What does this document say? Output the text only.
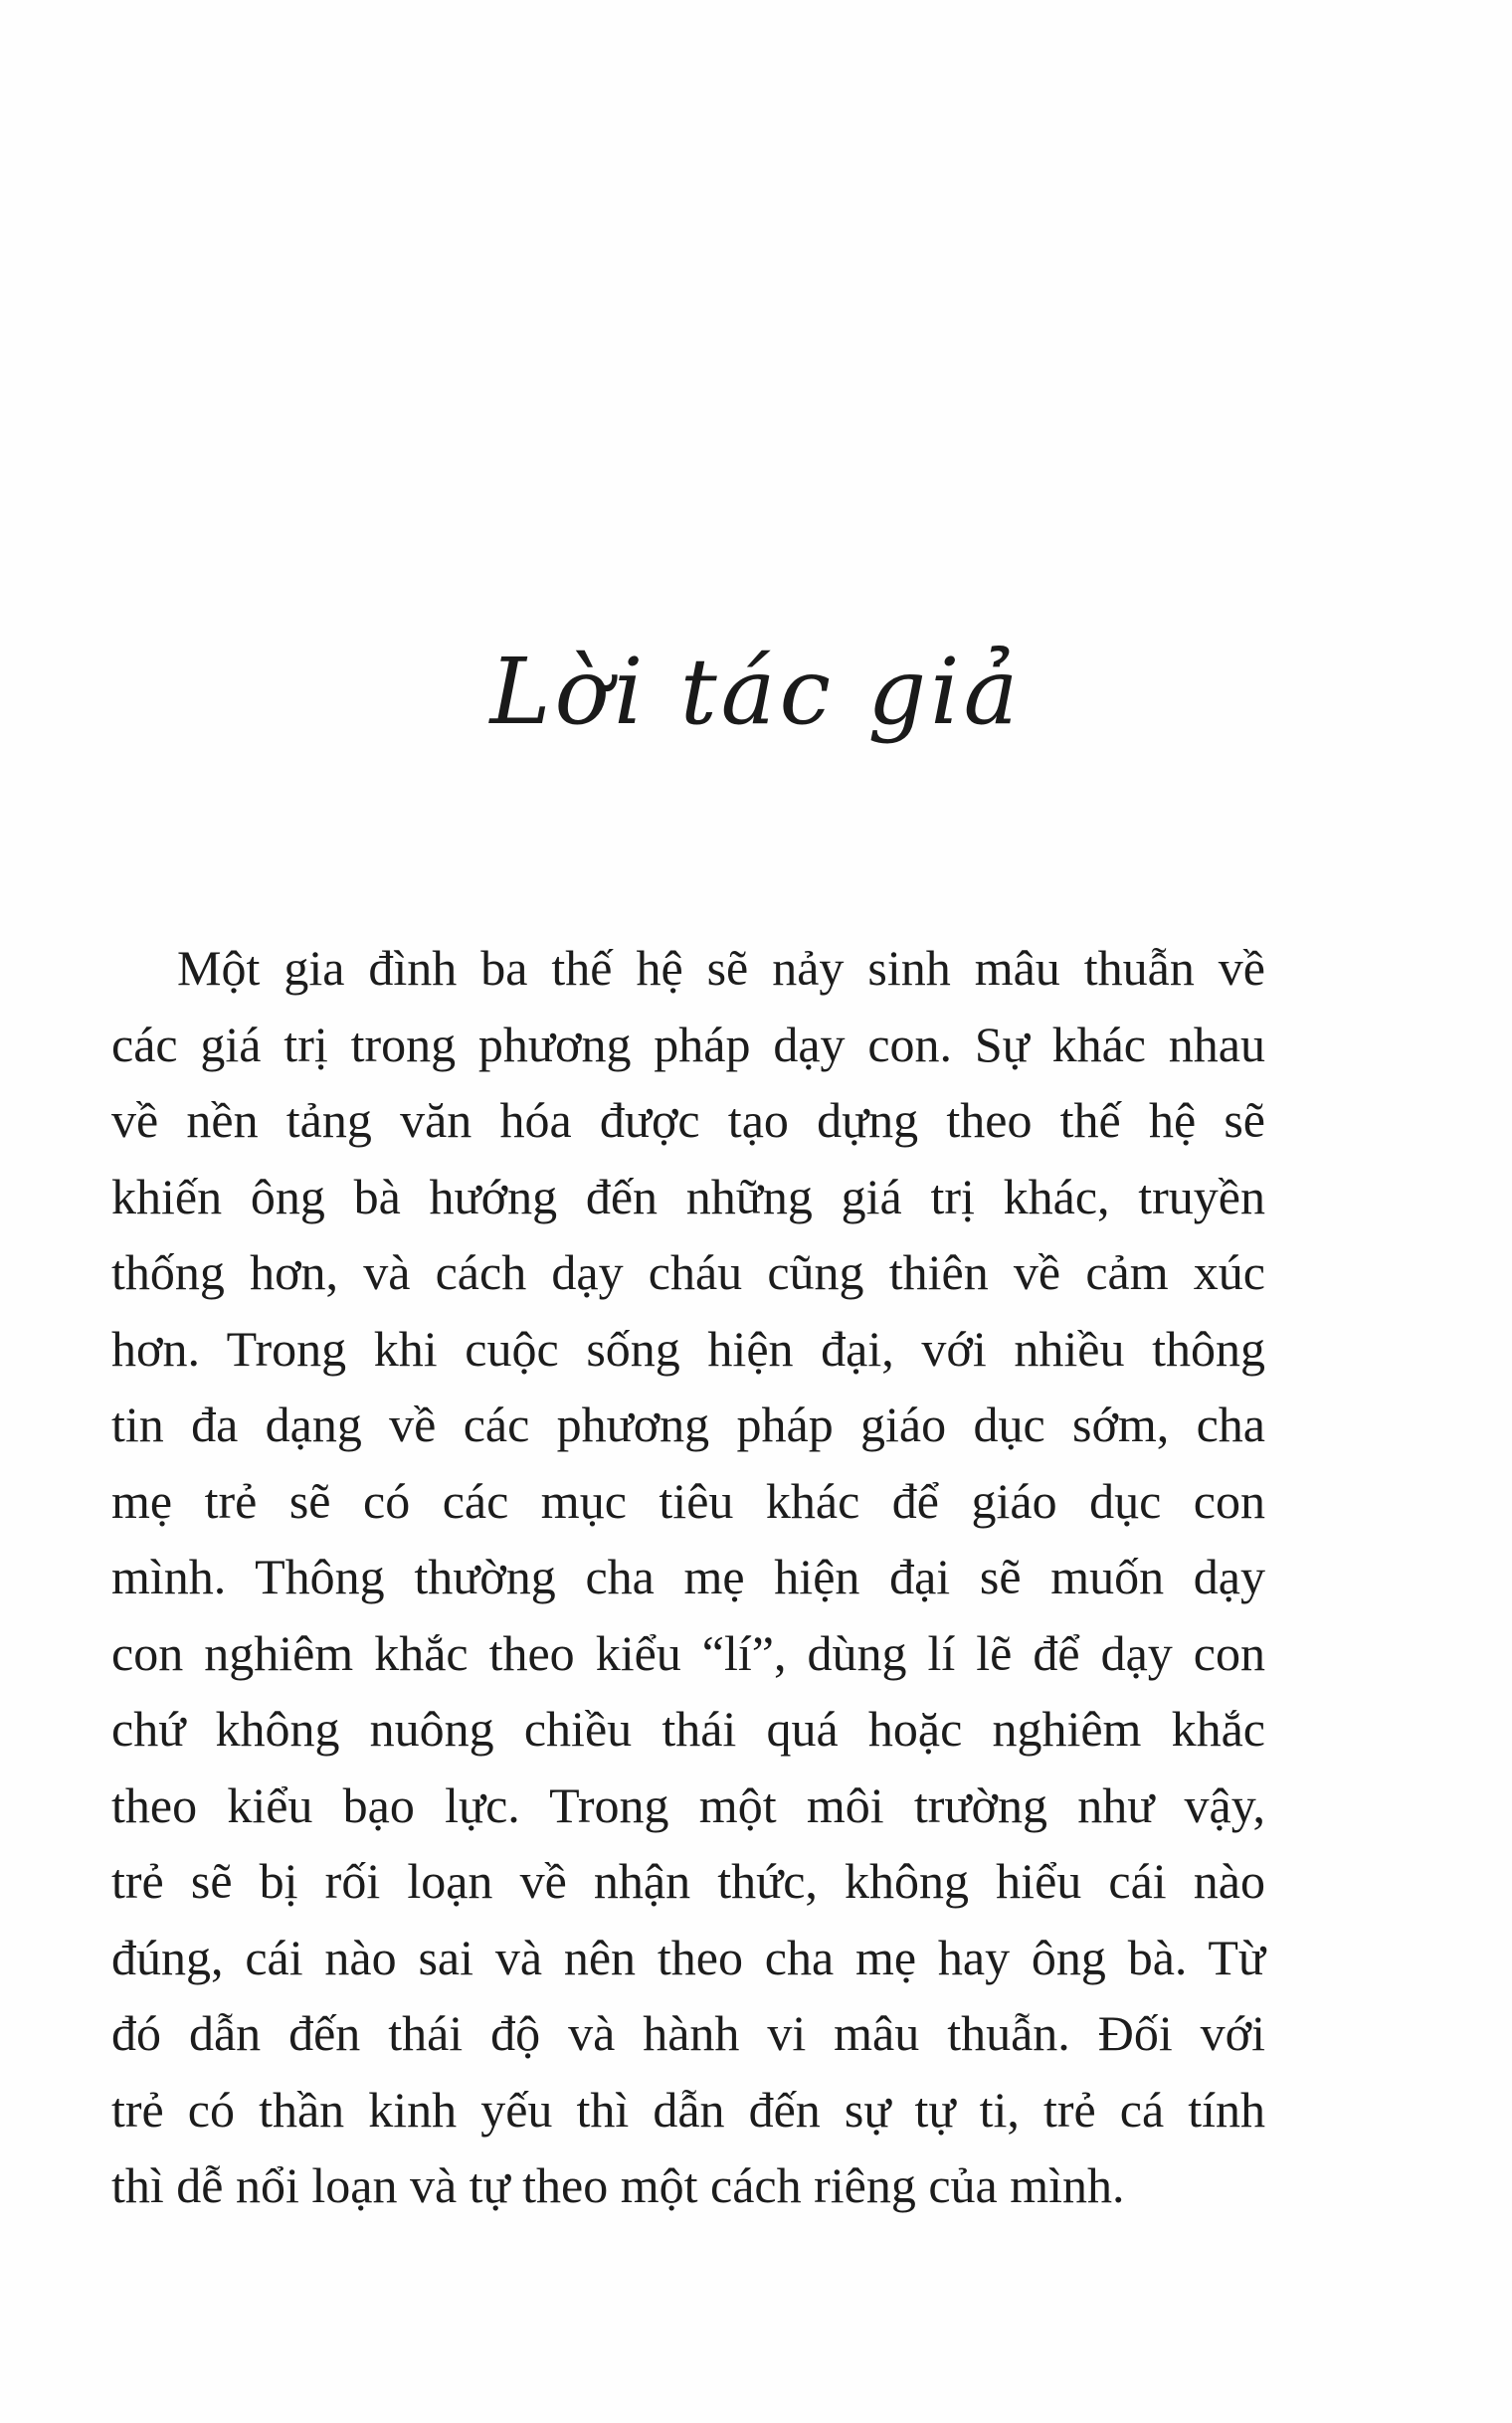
Lời tác giả
Một gia đình ba thế hệ sẽ nảy sinh mâu thuẫn về
các giá trị trong phương pháp dạy con. Sự khác nhau
về nền tảng văn hóa được tạo dựng theo thế hệ sẽ
khiến ông bà hướng đến những giá trị khác, truyền
thống hơn, và cách dạy cháu cũng thiên về cảm xúc
hơn. Trong khi cuộc sống hiện đại, với nhiều thông
tin đa dạng về các phương pháp giáo dục sớm, cha
mẹ trẻ sẽ có các mục tiêu khác để giáo dục con
mình. Thông thường cha mẹ hiện đại sẽ muốn dạy
con nghiêm khắc theo kiểu “lí”, dùng lí lẽ để dạy con
chứ không nuông chiều thái quá hoặc nghiêm khắc
theo kiểu bạo lực. Trong một môi trường như vậy,
trẻ sẽ bị rối loạn về nhận thức, không hiểu cái nào
đúng, cái nào sai và nên theo cha mẹ hay ông bà. Từ
đó dẫn đến thái độ và hành vi mâu thuẫn. Đối với
trẻ có thần kinh yếu thì dẫn đến sự tự ti, trẻ cá tính
thì dễ nổi loạn và tự theo một cách riêng của mình.
